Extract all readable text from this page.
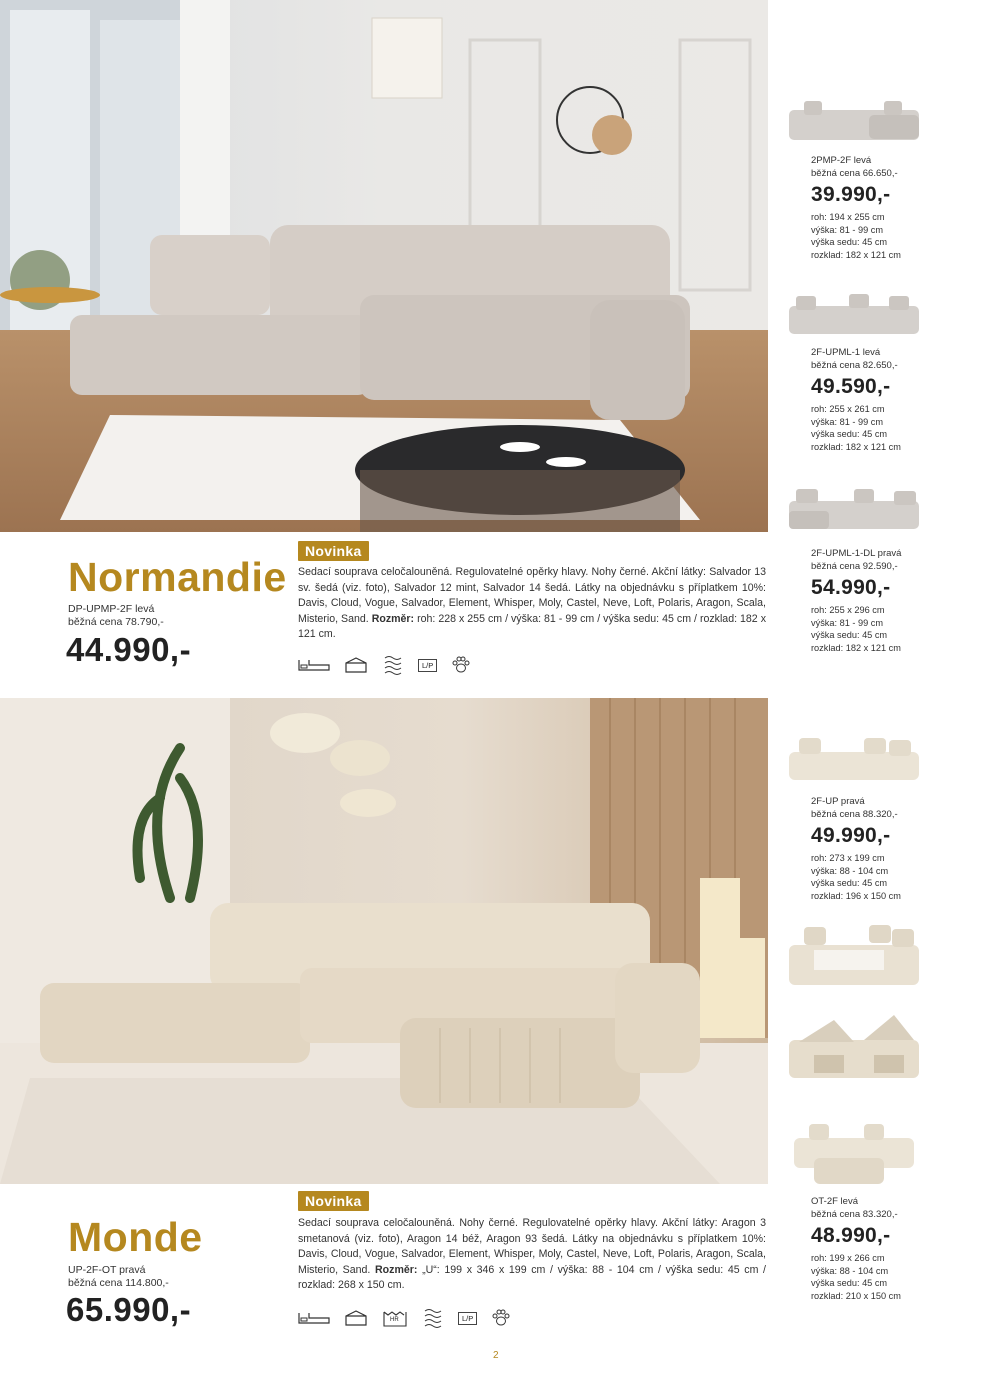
Normandie
DP-UPMP-2F levá
běžná cena 78.790,-
44.990,-
Novinka
Sedací souprava celočalouněná. Regulovatelné opěrky hlavy. Nohy černé. Akční látky: Salvador 13 sv. šedá (viz. foto), Salvador 12 mint, Salvador 14 šedá. Látky na objednávku s příplatkem 10%: Davis, Cloud, Vogue, Salvador, Element, Whisper, Moly, Castel, Neve, Loft, Polaris, Aragon, Scala, Misterio, Sand. Rozměr: roh: 228 x 255 cm / výška: 81 - 99 cm / výška sedu: 45 cm / rozklad: 182 x 121 cm.
L/P
2PMP-2F levá
běžná cena 66.650,-
39.990,-
roh: 194 x 255 cm
výška: 81 - 99 cm
výška sedu: 45 cm
rozklad: 182 x 121 cm
2F-UPML-1 levá
běžná cena 82.650,-
49.590,-
roh: 255 x 261 cm
výška: 81 - 99 cm
výška sedu: 45 cm
rozklad: 182 x 121 cm
2F-UPML-1-DL pravá
běžná cena 92.590,-
54.990,-
roh: 255 x 296 cm
výška: 81 - 99 cm
výška sedu: 45 cm
rozklad: 182 x 121 cm
Monde
UP-2F-OT pravá
běžná cena 114.800,-
65.990,-
Novinka
Sedací souprava celočalouněná. Nohy černé. Regulovatelné opěrky hlavy. Akční látky: Aragon 3 smetanová (viz. foto), Aragon 14 béž, Aragon 93 šedá. Látky na objednávku s příplatkem 10%: Davis, Cloud, Vogue, Salvador, Element, Whisper, Moly, Castel, Neve, Loft, Polaris, Aragon, Scala, Misterio, Sand. Rozměr: „U“: 199 x 346 x 199 cm / výška: 88 - 104 cm / výška sedu: 45 cm / rozklad: 268 x 150 cm.
HR	L/P
2F-UP pravá
běžná cena 88.320,-
49.990,-
roh: 273 x 199 cm
výška: 88 - 104 cm
výška sedu: 45 cm
rozklad: 196 x 150 cm
OT-2F levá
běžná cena 83.320,-
48.990,-
roh: 199 x 266 cm
výška: 88 - 104 cm
výška sedu: 45 cm
rozklad: 210 x 150 cm
2
